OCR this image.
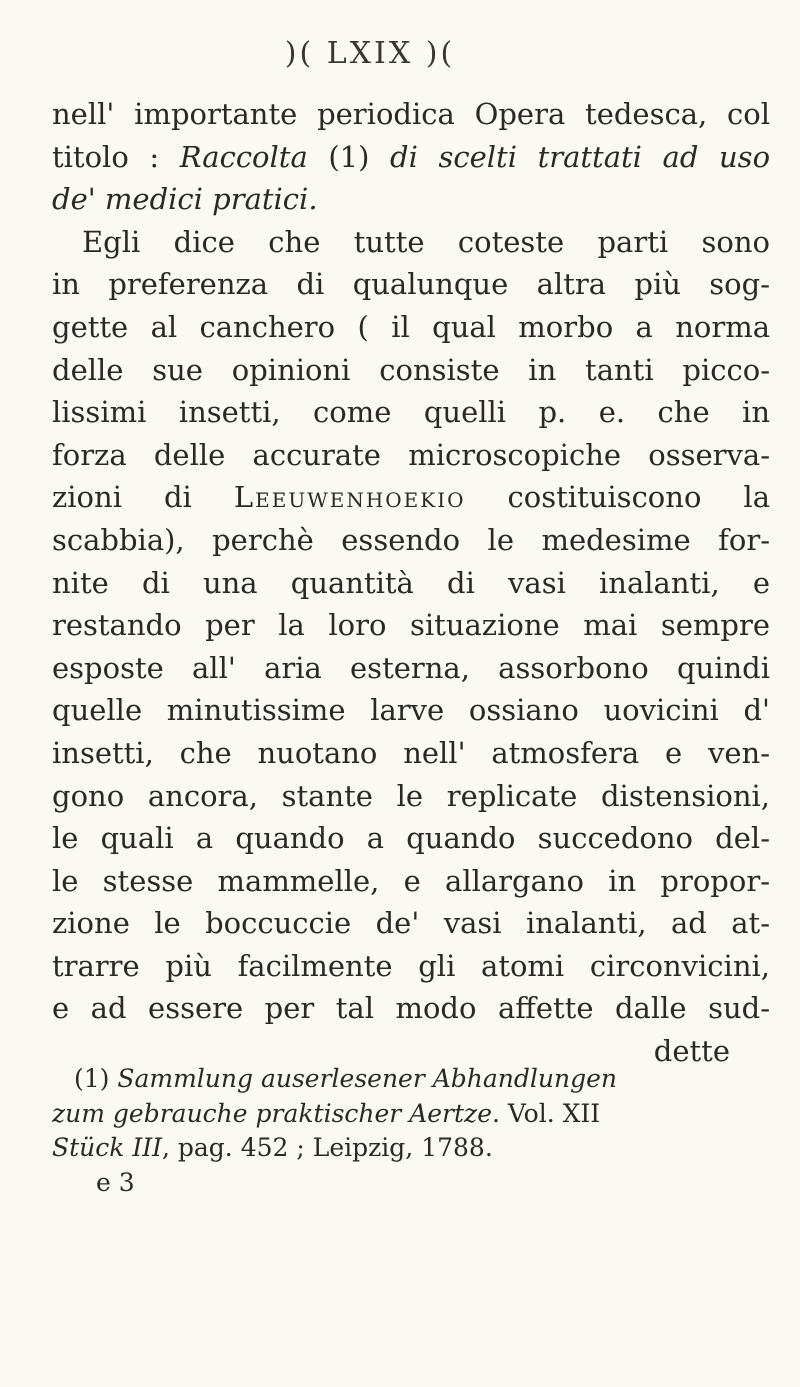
)( LXIX )(
nell' importante periodica Opera tedesca, col
titolo : Raccolta (1) di scelti trattati ad uso
de' medici pratici.
Egli dice che tutte coteste parti sono
in preferenza di qualunque altra più sog-
gette al canchero ( il qual morbo a norma
delle sue opinioni consiste in tanti picco-
lissimi insetti, come quelli p. e. che in
forza delle accurate microscopiche osserva-
zioni di Leeuwenhoekio costituiscono la
scabbia), perchè essendo le medesime for-
nite di una quantità di vasi inalanti, e
restando per la loro situazione mai sempre
esposte all' aria esterna, assorbono quindi
quelle minutissime larve ossiano uovicini d'
insetti, che nuotano nell' atmosfera e ven-
gono ancora, stante le replicate distensioni,
le quali a quando a quando succedono del-
le stesse mammelle, e allargano in propor-
zione le boccuccie de' vasi inalanti, ad at-
trarre più facilmente gli atomi circonvicini,
e ad essere per tal modo affette dalle sud-
dette
(1) Sammlung auserlesener Abhandlungen
zum gebrauche praktischer Aertze. Vol. XII
Stück III, pag. 452 ; Leipzig, 1788.
e 3
